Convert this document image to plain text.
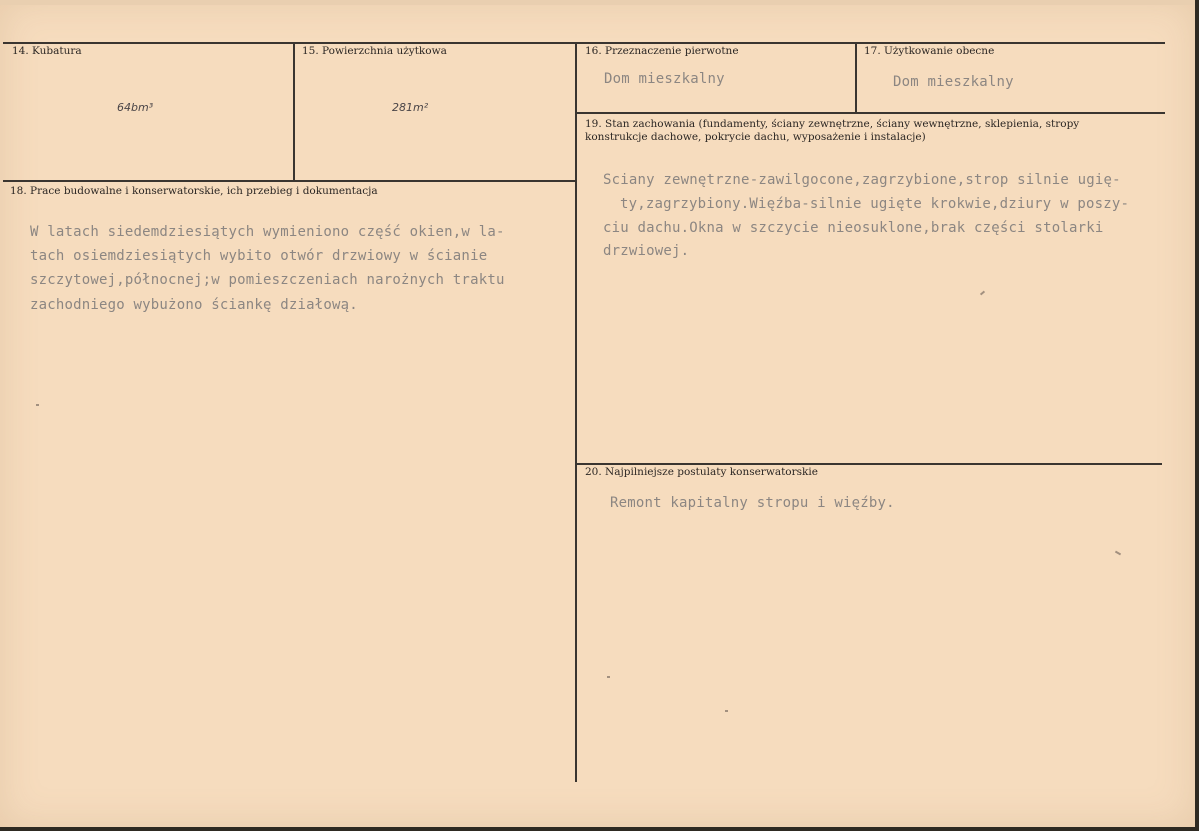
14. Kubatura
64bm³
15. Powierzchnia użytkowa
281m²
16. Przeznaczenie pierwotne
Dom mieszkalny
17. Użytkowanie obecne
Dom mieszkalny
19. Stan zachowania (fundamenty, ściany zewnętrzne, ściany wewnętrzne, sklepienia, stropy
konstrukcje dachowe, pokrycie dachu, wyposażenie i instalacje)
Sciany zewnętrzne-zawilgocone,zagrzybione,strop silnie ugię-
ty,zagrzybiony.Więźba-silnie ugięte krokwie,dziury w poszy-
ciu dachu.Okna w szczycie nieosuklone,brak części stolarki
drzwiowej.
18. Prace budowalne i konserwatorskie, ich przebieg i dokumentacja
W latach siedemdziesiątych wymieniono część okien,w la-
tach osiemdziesiątych wybito otwór drzwiowy w ścianie
szczytowej,północnej;w pomieszczeniach narożnych traktu
zachodniego wybużono ściankę działową.
20. Najpilniejsze postulaty konserwatorskie
Remont kapitalny stropu i więźby.
